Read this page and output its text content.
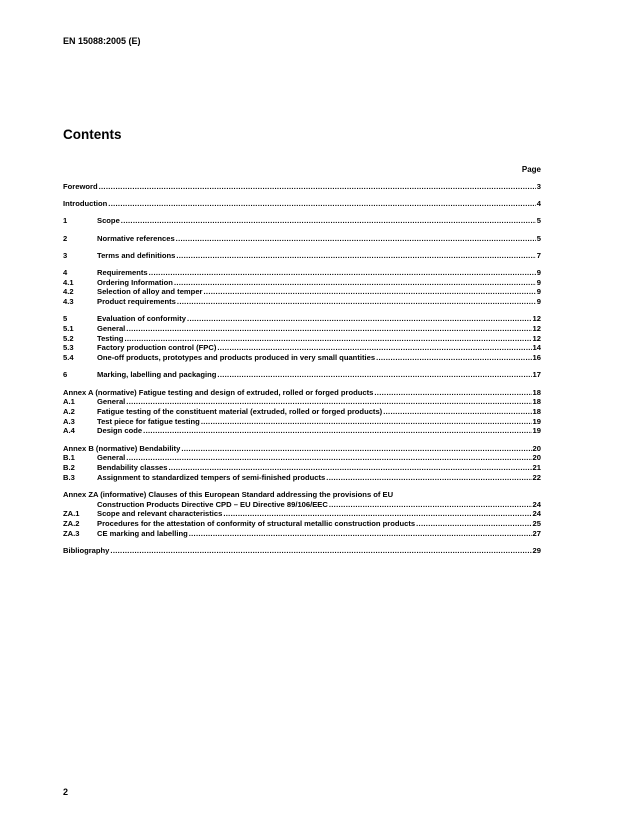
EN 15088:2005 (E)
Contents
Page
Foreword .....	3
Introduction .....	4
1	Scope .....	5
2	Normative references .....	5
3	Terms and definitions .....	7
4	Requirements .....	9
4.1	Ordering Information .....	9
4.2	Selection of alloy and temper .....	9
4.3	Product requirements .....	9
5	Evaluation of conformity .....	12
5.1	General .....	12
5.2	Testing .....	12
5.3	Factory production control (FPC) .....	14
5.4	One-off products, prototypes and products produced in very small quantities .....	16
6	Marking, labelling and packaging .....	17
Annex A (normative) Fatigue testing and design of extruded, rolled or forged products .....	18
A.1	General .....	18
A.2	Fatigue testing of the constituent material (extruded, rolled or forged products) .....	18
A.3	Test piece for fatigue testing .....	19
A.4	Design code .....	19
Annex B (normative) Bendability .....	20
B.1	General .....	20
B.2	Bendability classes .....	21
B.3	Assignment to standardized tempers of semi-finished products .....	22
Annex ZA (informative) Clauses of this European Standard addressing the provisions of EU
Construction Products Directive CPD – EU Directive 89/106/EEC .....	24
ZA.1	Scope and relevant characteristics .....	24
ZA.2	Procedures for the attestation of conformity of structural metallic construction products .....	25
ZA.3	CE marking and labelling .....	27
Bibliography .....	29
2
